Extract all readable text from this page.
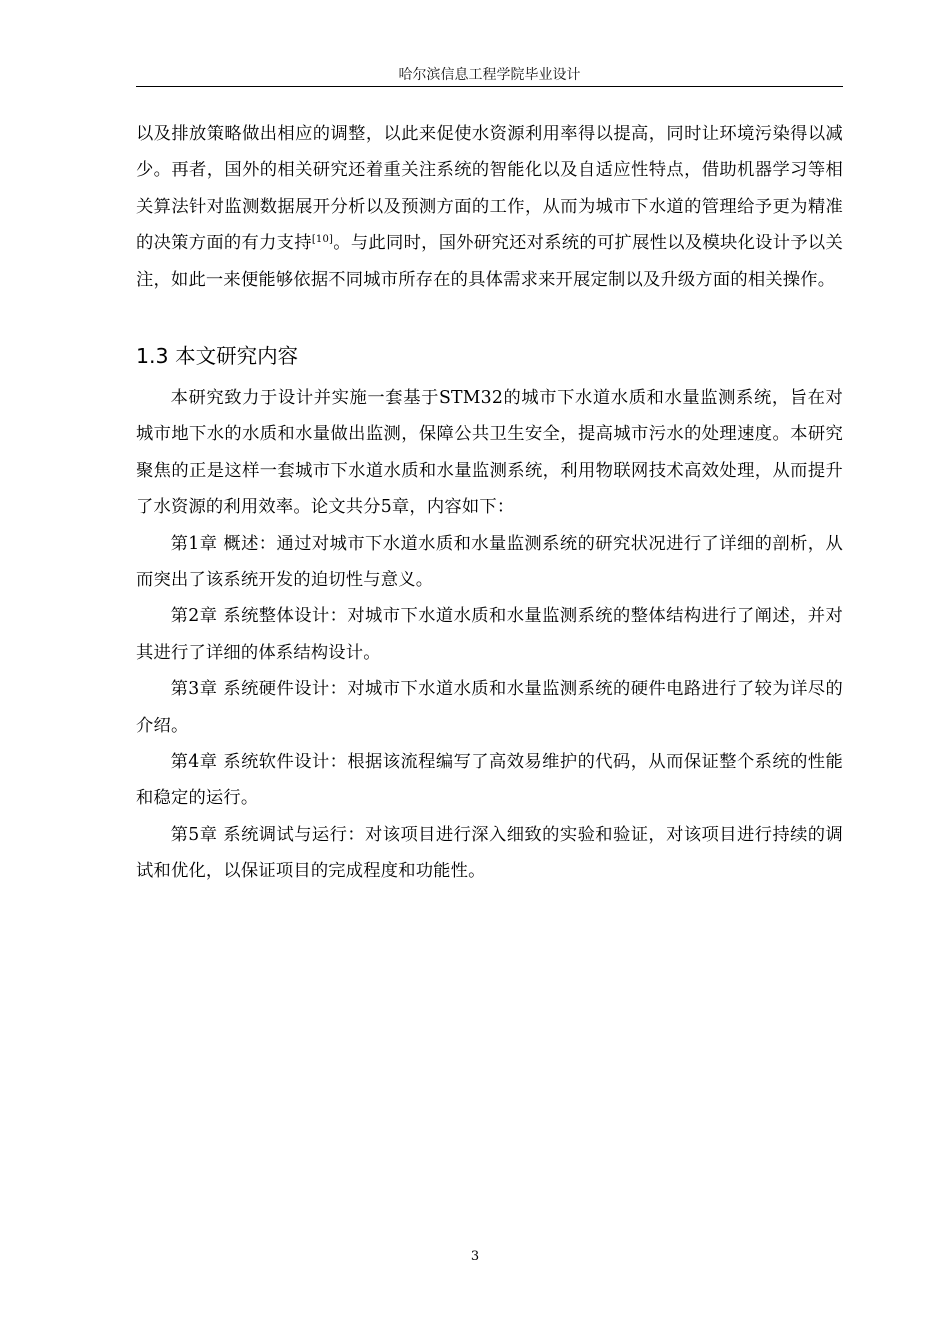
哈尔滨信息工程学院毕业设计

以及排放策略做出相应的调整，以此来促使水资源利用率得以提高，同时让环境污染得以减少。再者，国外的相关研究还着重关注系统的智能化以及自适应性特点，借助机器学习等相关算法针对监测数据展开分析以及预测方面的工作，从而为城市下水道的管理给予更为精准的决策方面的有力支持[10]。与此同时，国外研究还对系统的可扩展性以及模块化设计予以关注，如此一来便能够依据不同城市所存在的具体需求来开展定制以及升级方面的相关操作。

1.3 本文研究内容

本研究致力于设计并实施一套基于STM32的城市下水道水质和水量监测系统，旨在对城市地下水的水质和水量做出监测，保障公共卫生安全，提高城市污水的处理速度。本研究聚焦的正是这样一套城市下水道水质和水量监测系统，利用物联网技术高效处理，从而提升了水资源的利用效率。论文共分5章，内容如下：

第1章 概述：通过对城市下水道水质和水量监测系统的研究状况进行了详细的剖析，从而突出了该系统开发的迫切性与意义。

第2章 系统整体设计：对城市下水道水质和水量监测系统的整体结构进行了阐述，并对其进行了详细的体系结构设计。

第3章 系统硬件设计：对城市下水道水质和水量监测系统的硬件电路进行了较为详尽的介绍。

第4章 系统软件设计：根据该流程编写了高效易维护的代码，从而保证整个系统的性能和稳定的运行。

第5章 系统调试与运行：对该项目进行深入细致的实验和验证，对该项目进行持续的调试和优化，以保证项目的完成程度和功能性。

3
